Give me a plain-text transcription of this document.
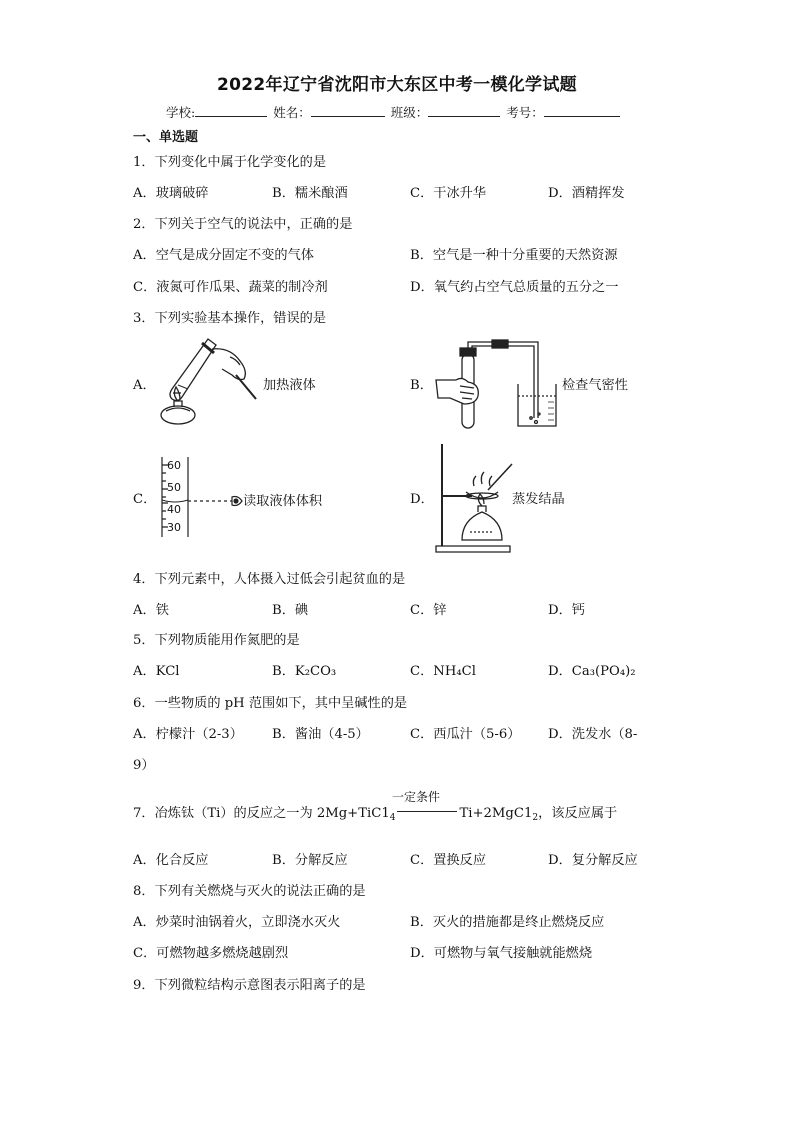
2022年辽宁省沈阳市大东区中考一模化学试题
学校:	姓名：	班级：	考号：
一、单选题
1．下列变化中属于化学变化的是
A．玻璃破碎	B．糯米酿酒	C．干冰升华	D．酒精挥发
2．下列关于空气的说法中，正确的是
A．空气是成分固定不变的气体	B．空气是一种十分重要的天然资源
C．液氮可作瓜果、蔬菜的制冷剂	D．氧气约占空气总质量的五分之一
3．下列实验基本操作，错误的是
A．	加热液体	B．	检查气密性
C．
60
50
40
30
读取液体体积	D．	蒸发结晶
4．下列元素中，人体摄入过低会引起贫血的是
A．铁	B．碘	C．锌	D．钙
5．下列物质能用作氮肥的是
A．KCl	B．K₂CO₃	C．NH₄Cl	D．Ca₃(PO₄)₂
6．一些物质的 pH 范围如下，其中呈碱性的是
A．柠檬汁（2-3） B．酱油（4-5）	C．西瓜汁（5-6） D．洗发水（8-
9）
7．冶炼钛（Ti）的反应之一为 $2Mg+TiC1_4$	$Ti+2MgC1_2$，该反应属于
一定条件
A．化合反应	B．分解反应	C．置换反应	D．复分解反应
8．下列有关燃烧与灭火的说法正确的是
A．炒菜时油锅着火，立即浇水灭火	B．灭火的措施都是终止燃烧反应
C．可燃物越多燃烧越剧烈	D．可燃物与氧气接触就能燃烧
9．下列微粒结构示意图表示阳离子的是
